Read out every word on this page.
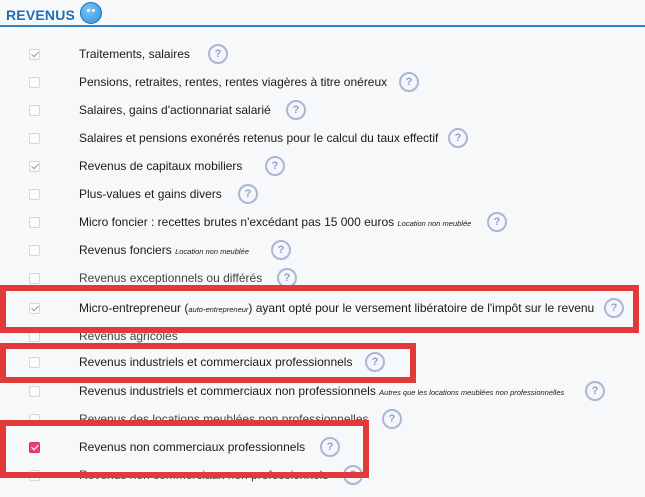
REVENUS
Traitements, salaires	?
Pensions, retraites, rentes, rentes viagères à titre onéreux	?
Salaires, gains d'actionnariat salarié	?
Salaires et pensions exonérés retenus pour le calcul du taux effectif	?
Revenus de capitaux mobiliers	?
Plus-values et gains divers	?
Micro foncier : recettes brutes n'excédant pas 15 000 euros Location non meublée	?
Revenus fonciers Location non meublée	?
Revenus exceptionnels ou différés	?
Micro-entrepreneur (auto-entrepreneur) ayant opté pour le versement libératoire de l'impôt sur le revenu	?
Revenus agricoles
Revenus industriels et commerciaux professionnels	?
Revenus industriels et commerciaux non professionnels Autres que les locations meublées non professionnelles	?
Revenus des locations meublées non professionnelles	?
Revenus non commerciaux professionnels	?
Revenus non commerciaux non professionnels	?
